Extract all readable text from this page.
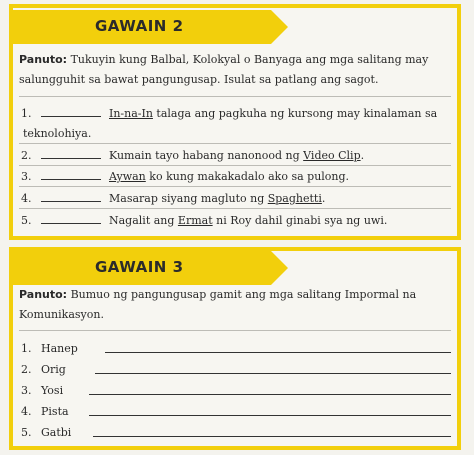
GAWAIN 2
Panuto: Tukuyin kung Balbal, Kolokyal o Banyaga ang mga salitang may salungguhit sa bawat pangungusap. Isulat sa patlang ang sagot.
1.	In-na-In talaga ang pagkuha ng kursong may kinalaman sa
teknolohiya.
2.	Kumain tayo habang nanonood ng Video Clip.
3.	Aywan ko kung makakadalo ako sa pulong.
4.	Masarap siyang magluto ng Spaghetti.
5.	Nagalit ang Ermat ni Roy dahil ginabi sya ng uwi.
GAWAIN 3
Panuto: Bumuo ng pangungusap gamit ang mga salitang Impormal na Komunikasyon.
1. Hanep
2. Orig
3. Yosi
4. Pista
5. Gatbi
